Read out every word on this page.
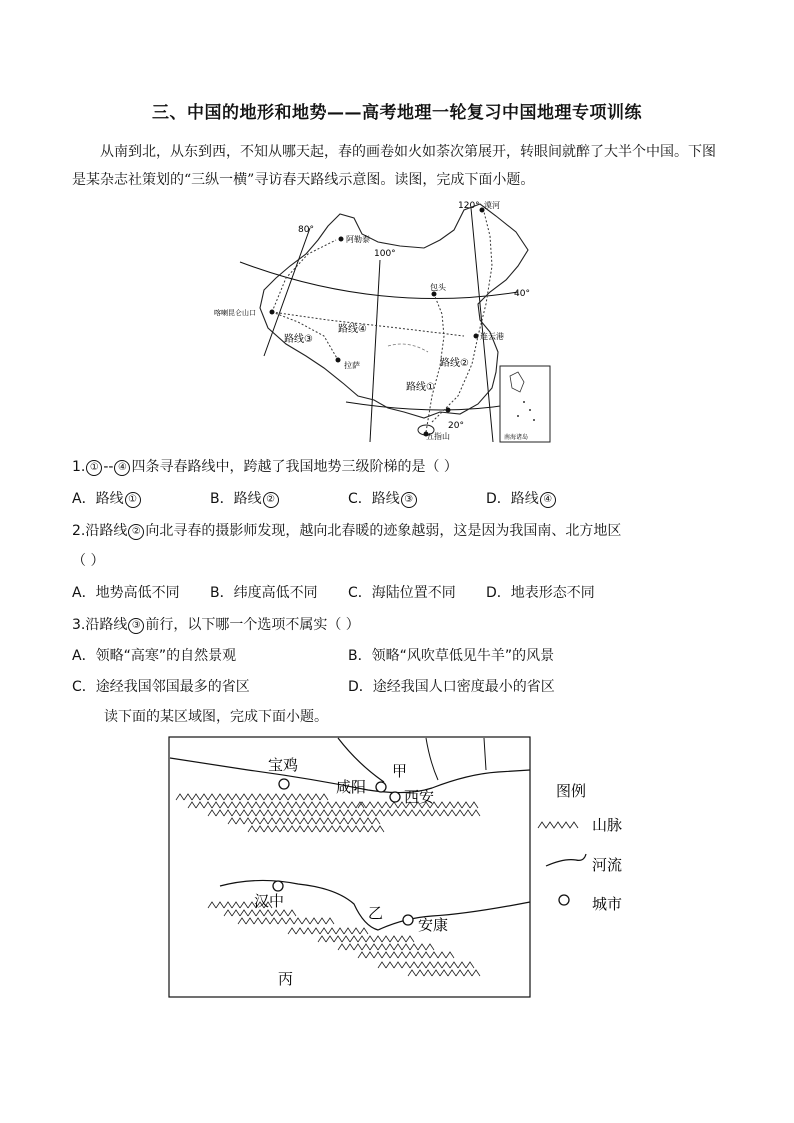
三、中国的地形和地势——高考地理一轮复习中国地理专项训练
从南到北，从东到西，不知从哪天起，春的画卷如火如荼次第展开，转眼间就醉了大半个中国。下图是某杂志社策划的“三纵一横”寻访春天路线示意图。读图，完成下面小题。
80°
100°
120°
40°
20°
阿勒泰
漠河
包头
喀喇昆仑山口
连云港
拉萨
五指山
路线①
路线②
路线③
路线④
南海诸岛
1. ① -- ④ 四条寻春路线中，跨越了我国地势三级阶梯的是（ ）
A．路线 ①	B．路线 ②	C．路线 ③	D．路线 ④
2.沿路线 ② 向北寻春的摄影师发现，越向北春暖的迹象越弱，这是因为我国南、北方地区
（ ）
A．地势高低不同 B．纬度高低不同 C．海陆位置不同 D．地表形态不同
3.沿路线 ③ 前行，以下哪一个选项不属实（ ）
A．领略“高寒”的自然景观	B．领略“风吹草低见牛羊”的风景
C．途经我国邻国最多的省区	D．途经我国人口密度最小的省区
读下面的某区域图，完成下面小题。
宝鸡
咸阳
甲
西安
汉中
乙
安康
丙
图例
山脉
河流
城市
